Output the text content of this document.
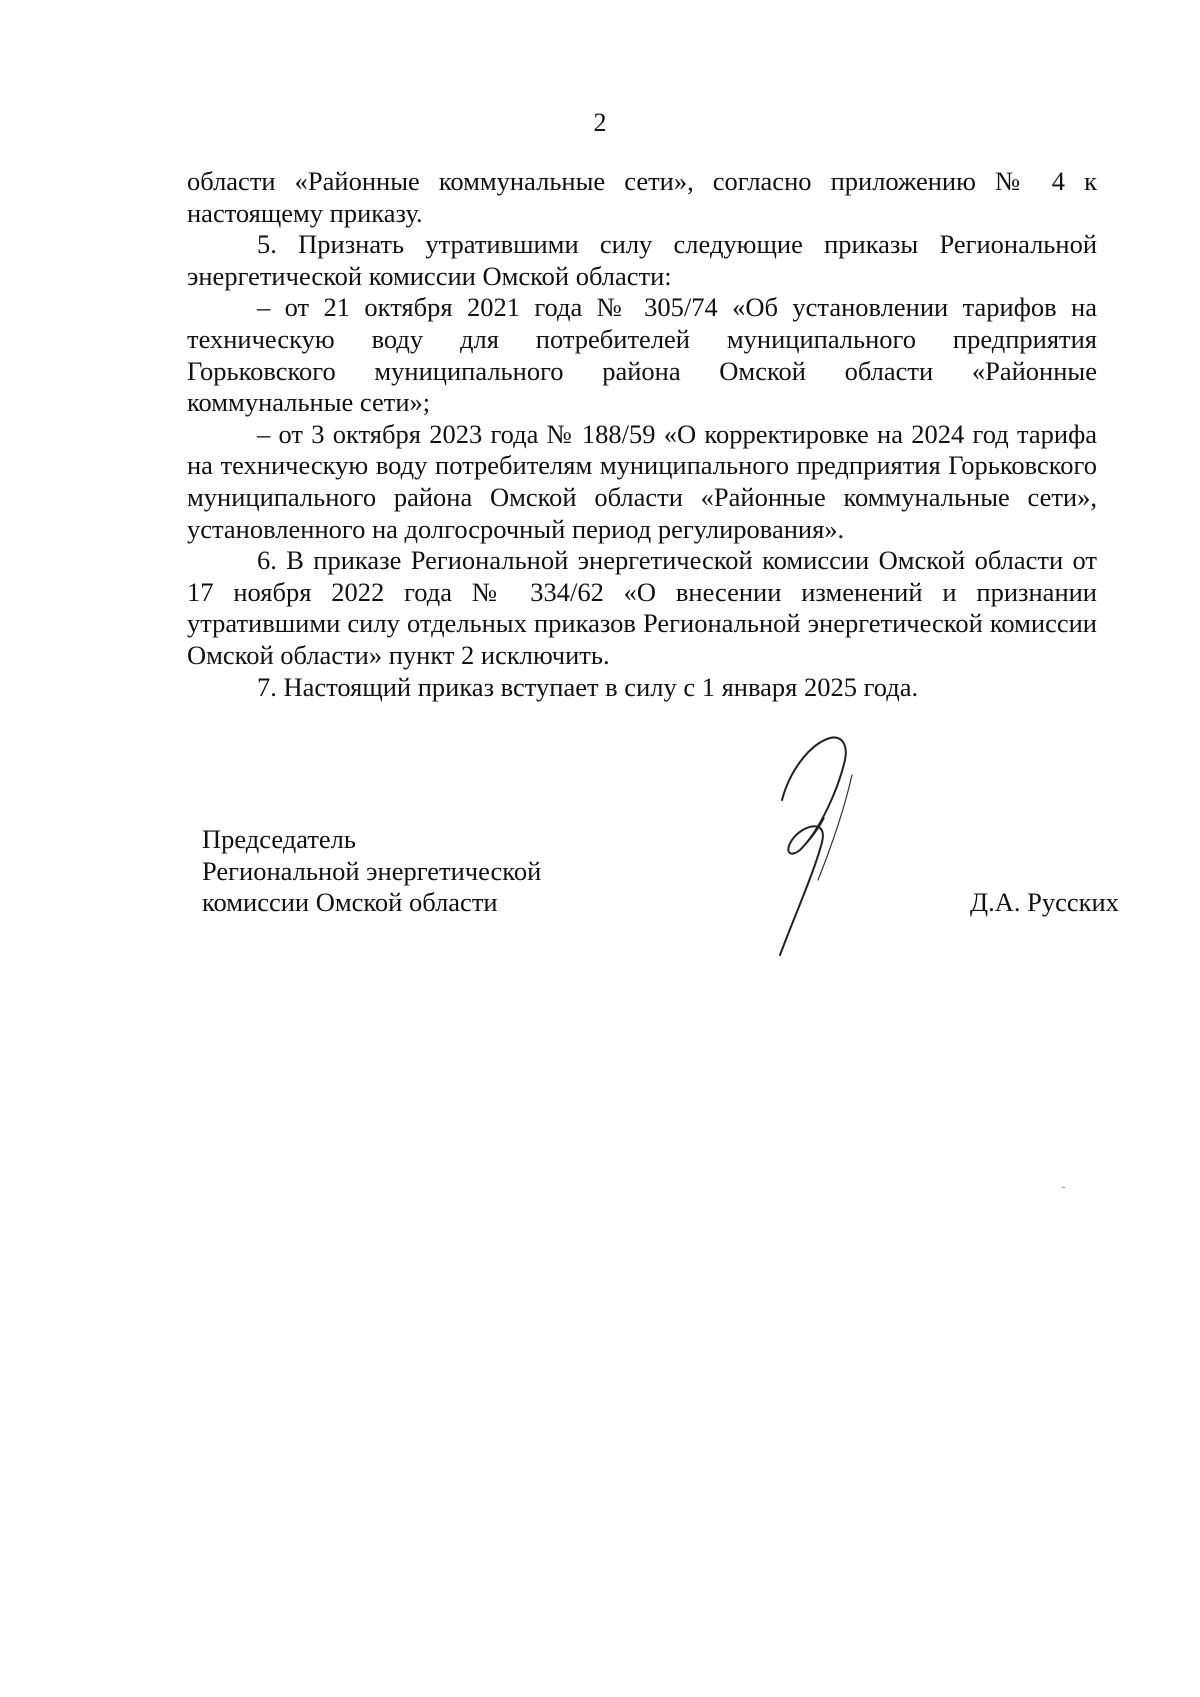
2

области «Районные коммунальные сети», согласно приложению № 4 к настоящему приказу.

5. Признать утратившими силу следующие приказы Региональной энергетической комиссии Омской области:

– от 21 октября 2021 года № 305/74 «Об установлении тарифов на техническую воду для потребителей муниципального предприятия Горьковского муниципального района Омской области «Районные коммунальные сети»;

– от 3 октября 2023 года № 188/59 «О корректировке на 2024 год тарифа на техническую воду потребителям муниципального предприятия Горьковского муниципального района Омской области «Районные коммунальные сети», установленного на долгосрочный период регулирования».

6. В приказе Региональной энергетической комиссии Омской области от 17 ноября 2022 года № 334/62 «О внесении изменений и признании утратившими силу отдельных приказов Региональной энергетической комиссии Омской области» пункт 2 исключить.

7. Настоящий приказ вступает в силу с 1 января 2025 года.

Председатель
Региональной энергетической
комиссии Омской области	Д.А. Русских
